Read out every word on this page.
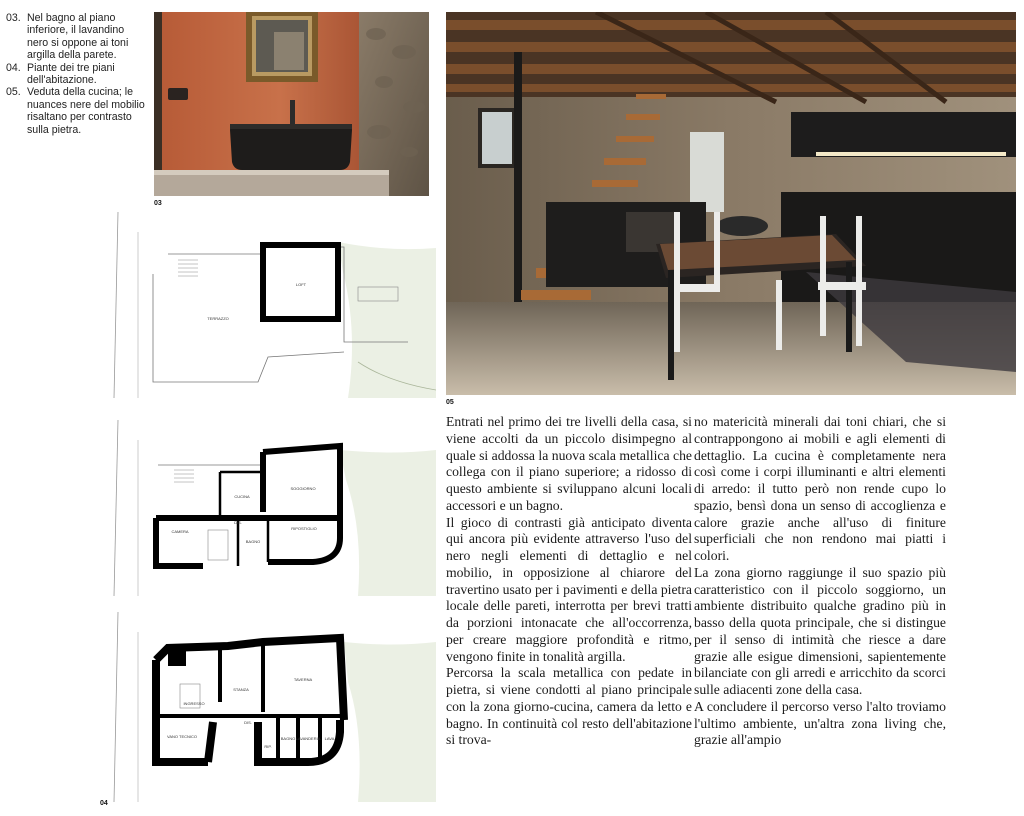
03. Nel bagno al piano inferiore, il lavandino nero si oppone ai toni argilla della parete.
04. Piante dei tre piani dell'abitazione.
05. Veduta della cucina; le nuances nere del mobilio risaltano per contrasto sulla pietra.
03
05
LOFT
TERRAZZO
CUCINA
SOGGIORNO
CAMERA
BAGNO
DIS.
RIPOSTIGLIO
INGRESSO
STANZA
TAVERNA
DIS.
BAGNO LAVANDERIA
VANO TECNICO
RIP.
LAVA.
04

Entrati nel primo dei tre livelli della casa, si viene accolti da un piccolo disimpegno al quale si addossa la nuova scala metallica che collega con il piano superiore; a ridosso di questo ambiente si sviluppano alcuni locali accessori e un bagno.

Il gioco di contrasti già anticipato diventa qui ancora più evidente attraverso l'uso del nero negli elementi di dettaglio e nel mobilio, in opposizione al chiarore del travertino usato per i pavimenti e della pietra locale delle pareti, interrotta per brevi tratti da porzioni intonacate che all'occorrenza, per creare maggiore profondità e ritmo, vengono finite in tonalità argilla.

Percorsa la scala metallica con pedate in pietra, si viene condotti al piano principale con la zona giorno-cucina, camera da letto e bagno. In continuità col resto dell'abitazione si trova-

no matericità minerali dai toni chiari, che si contrappongono ai mobili e agli elementi di dettaglio. La cucina è completamente nera così come i corpi illuminanti e altri elementi di arredo: il tutto però non rende cupo lo spazio, bensì dona un senso di accoglienza e calore grazie anche all'uso di finiture superficiali che non rendono mai piatti i colori.

La zona giorno raggiunge il suo spazio più caratteristico con il piccolo soggiorno, un ambiente distribuito qualche gradino più in basso della quota principale, che si distingue per il senso di intimità che riesce a dare grazie alle esigue dimensioni, sapientemente bilanciate con gli arredi e arricchito da scorci sulle adiacenti zone della casa.

A concludere il percorso verso l'alto troviamo l'ultimo ambiente, un'altra zona living che, grazie all'ampio
